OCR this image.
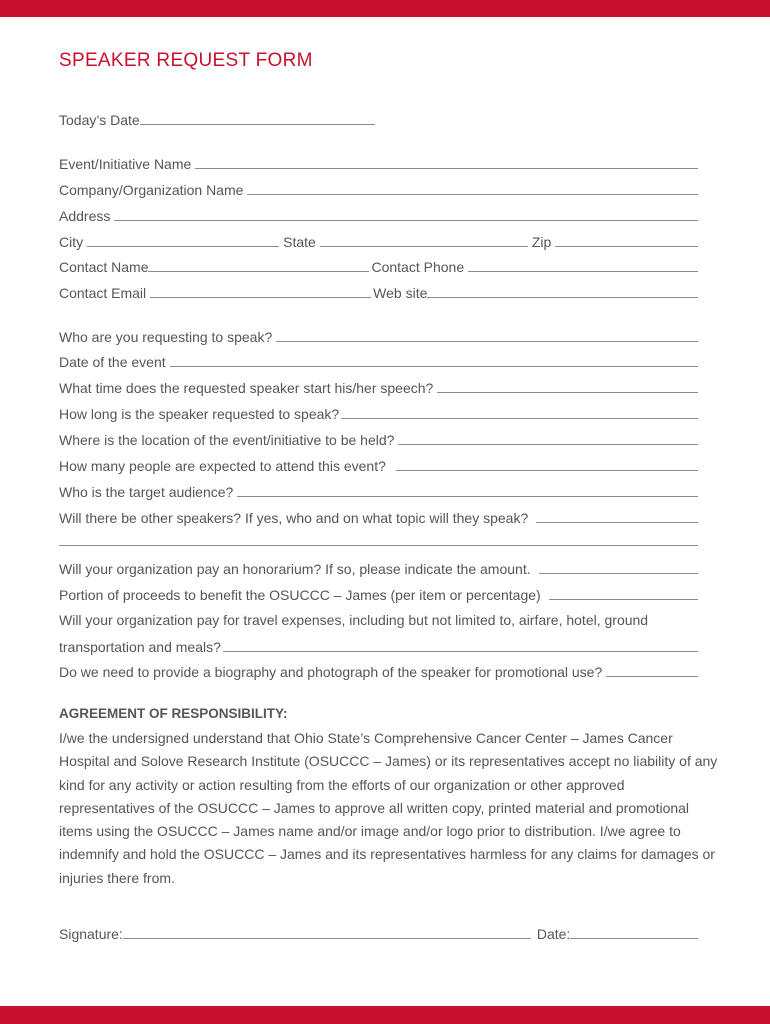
SPEAKER REQUEST FORM
Today’s Date
Event/Initiative Name
Company/Organization Name
Address
City	State	Zip
Contact Name	Contact Phone
Contact Email	Web site
Who are you requesting to speak?
Date of the event
What time does the requested speaker start his/her speech?
How long is the speaker requested to speak?
Where is the location of the event/initiative to be held?
How many people are expected to attend this event?
Who is the target audience?
Will there be other speakers? If yes, who and on what topic will they speak?
Will your organization pay an honorarium? If so, please indicate the amount.
Portion of proceeds to benefit the OSUCCC – James (per item or percentage)
Will your organization pay for travel expenses, including but not limited to, airfare, hotel, ground
transportation and meals?
Do we need to provide a biography and photograph of the speaker for promotional use?
AGREEMENT OF RESPONSIBILITY:
I/we the undersigned understand that Ohio State’s Comprehensive Cancer Center – James Cancer Hospital and Solove Research Institute (OSUCCC – James) or its representatives accept no liability of any kind for any activity or action resulting from the efforts of our organization or other approved representatives of the OSUCCC – James to approve all written copy, printed material and promotional items using the OSUCCC – James name and/or image and/or logo prior to distribution. I/we agree to indemnify and hold the OSUCCC – James and its representatives harmless for any claims for damages or injuries there from.
Signature:	Date:
